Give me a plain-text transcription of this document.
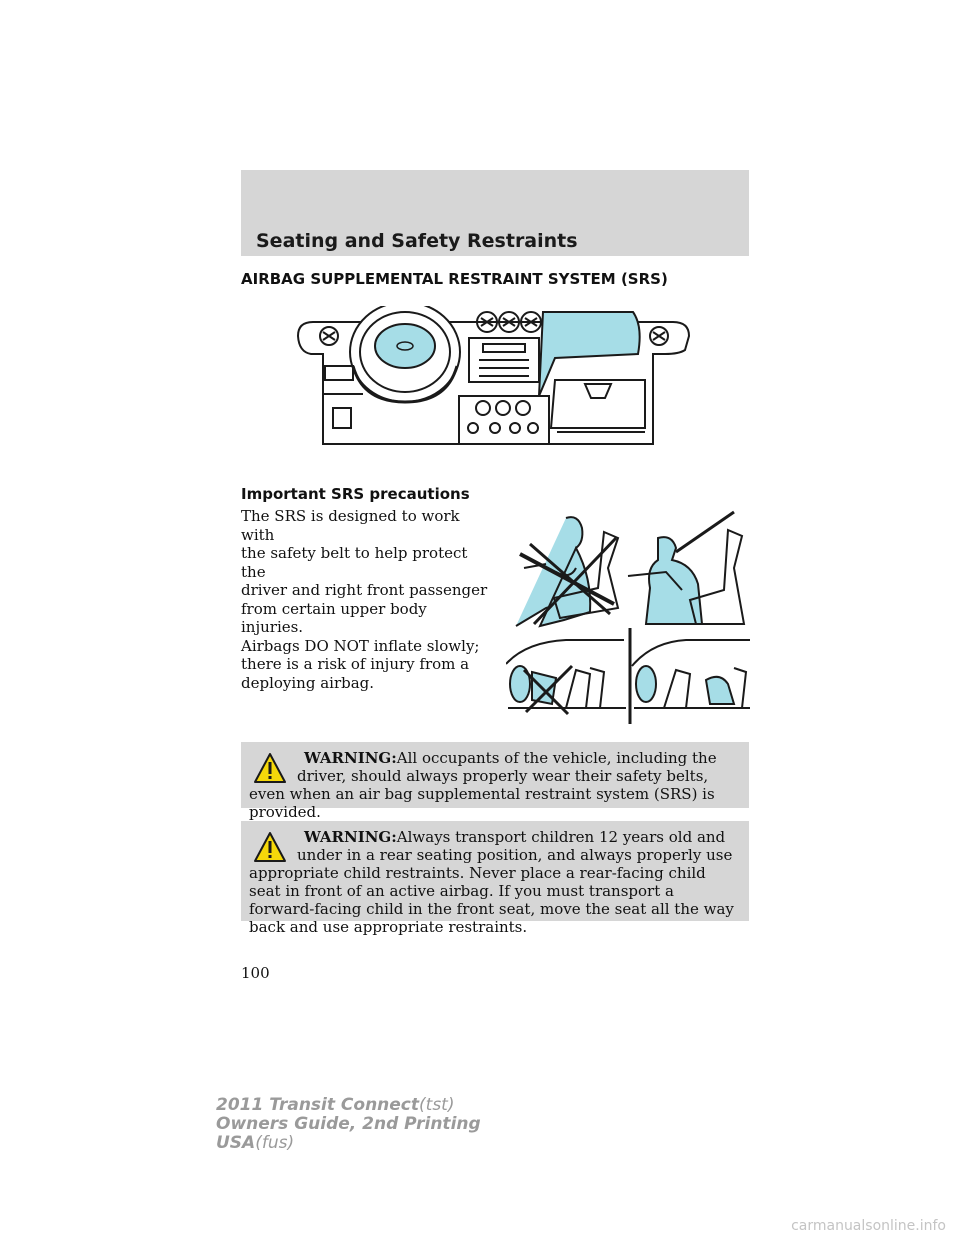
Seating and Safety Restraints
AIRBAG SUPPLEMENTAL RESTRAINT SYSTEM (SRS)
Important SRS precautions
The SRS is designed to work with
the safety belt to help protect the
driver and right front passenger
from certain upper body injuries.
Airbags DO NOT inflate slowly;
there is a risk of injury from a
deploying airbag.
WARNING:All occupants of the vehicle, including the driver, should always properly wear their safety belts, even when an air bag supplemental restraint system (SRS) is provided.
WARNING:Always transport children 12 years old and under in a rear seating position, and always properly use appropriate child restraints. Never place a rear-facing child seat in front of an active airbag. If you must transport a forward-facing child in the front seat, move the seat all the way back and use appropriate restraints.
100
2011 Transit Connect(tst)
Owners Guide, 2nd Printing
USA(fus)
carmanualsonline.info
